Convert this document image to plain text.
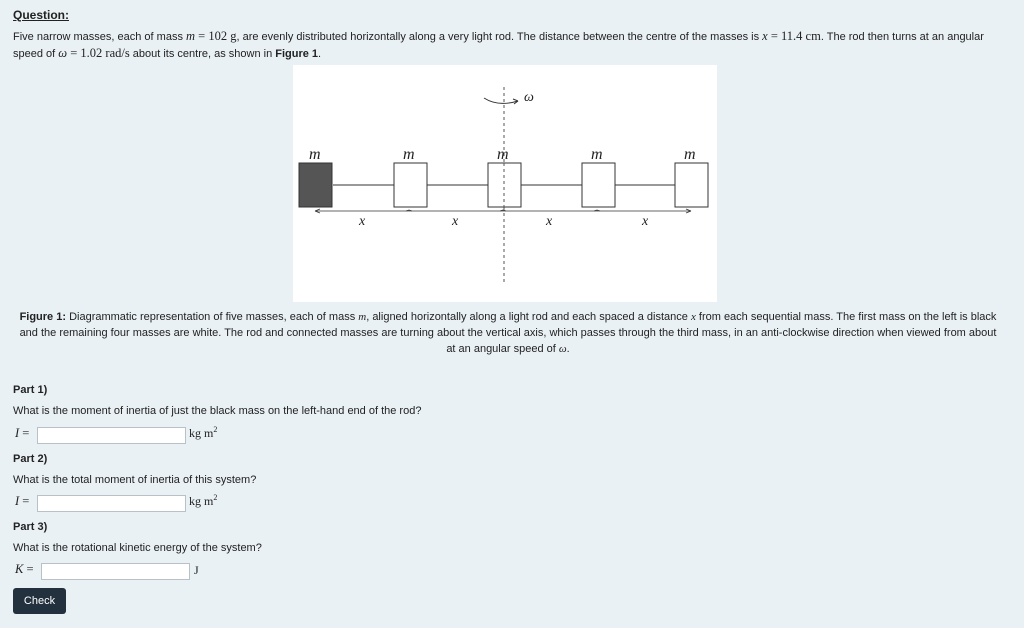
Question:
Five narrow masses, each of mass m = 102 g, are evenly distributed horizontally along a very light rod. The distance between the centre of the masses is x = 11.4 cm. The rod then turns at an angular speed of ω = 1.02 rad/s about its centre, as shown in Figure 1.
ω
m	m	m	m	m
x	x	x	x
Figure 1: Diagrammatic representation of five masses, each of mass m, aligned horizontally along a light rod and each spaced a distance x from each sequential mass. The first mass on the left is black and the remaining four masses are white. The rod and connected masses are turning about the vertical axis, which passes through the third mass, in an anti-clockwise direction when viewed from about at an angular speed of ω.
Part 1)
What is the moment of inertia of just the black mass on the left-hand end of the rod?
I =	kg $m^2$
Part 2)
What is the total moment of inertia of this system?
I =	kg $m^2$
Part 3)
What is the rotational kinetic energy of the system?
K =	J
Check
